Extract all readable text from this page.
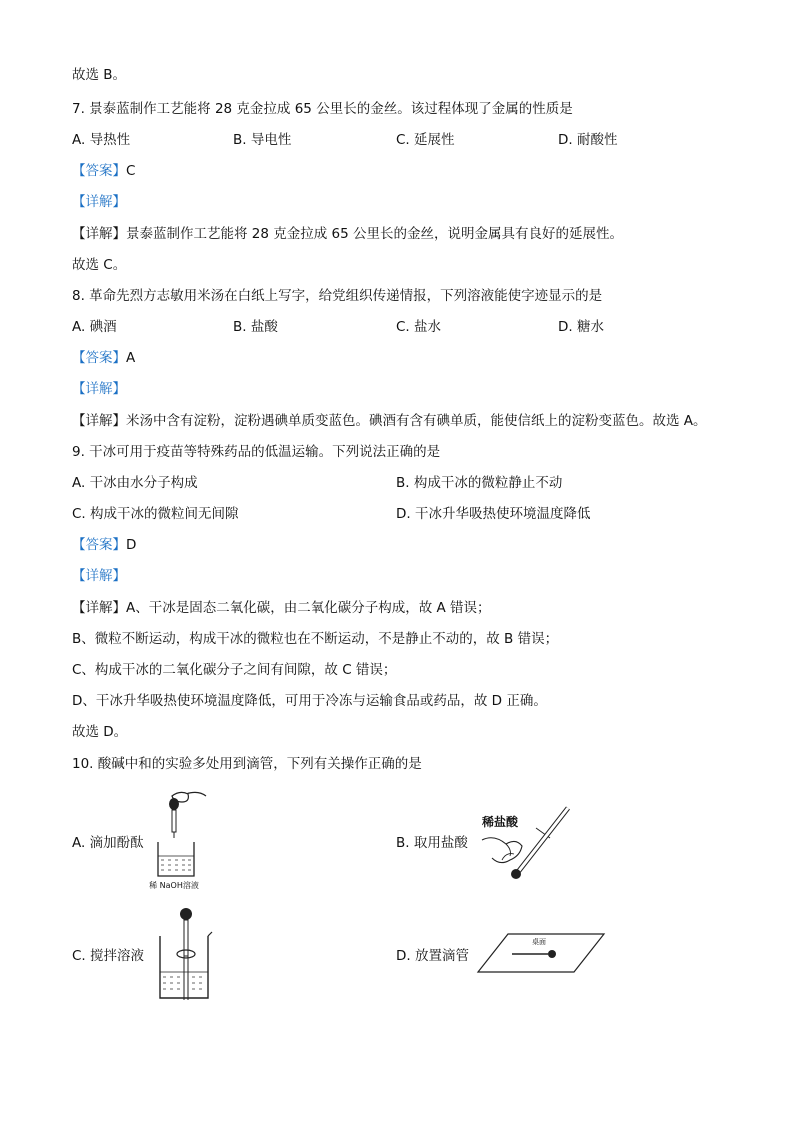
故选 B。
7. 景泰蓝制作工艺能将 28 克金拉成 65 公里长的金丝。该过程体现了金属的性质是
A. 导热性	B. 导电性	C. 延展性	D. 耐酸性
【答案】C
【详解】
【详解】景泰蓝制作工艺能将 28 克金拉成 65 公里长的金丝，说明金属具有良好的延展性。
故选 C。
8. 革命先烈方志敏用米汤在白纸上写字，给党组织传递情报，下列溶液能使字迹显示的是
A. 碘酒	B. 盐酸	C. 盐水	D. 糖水
【答案】A
【详解】
【详解】米汤中含有淀粉，淀粉遇碘单质变蓝色。碘酒有含有碘单质，能使信纸上的淀粉变蓝色。故选 A。
9. 干冰可用于疫苗等特殊药品的低温运输。下列说法正确的是
A. 干冰由水分子构成	B. 构成干冰的微粒静止不动
C. 构成干冰的微粒间无间隙	D. 干冰升华吸热使环境温度降低
【答案】D
【详解】
【详解】A、干冰是固态二氧化碳，由二氧化碳分子构成，故 A 错误；
B、微粒不断运动，构成干冰的微粒也在不断运动，不是静止不动的，故 B 错误；
C、构成干冰的二氧化碳分子之间有间隙，故 C 错误；
D、干冰升华吸热使环境温度降低，可用于冷冻与运输食品或药品，故 D 正确。
故选 D。
10. 酸碱中和的实验多处用到滴管，下列有关操作正确的是
A. 滴加酚酞	B. 取用盐酸
C. 搅拌溶液	D. 放置滴管
稀 NaOH溶液
稀盐酸
桌面
